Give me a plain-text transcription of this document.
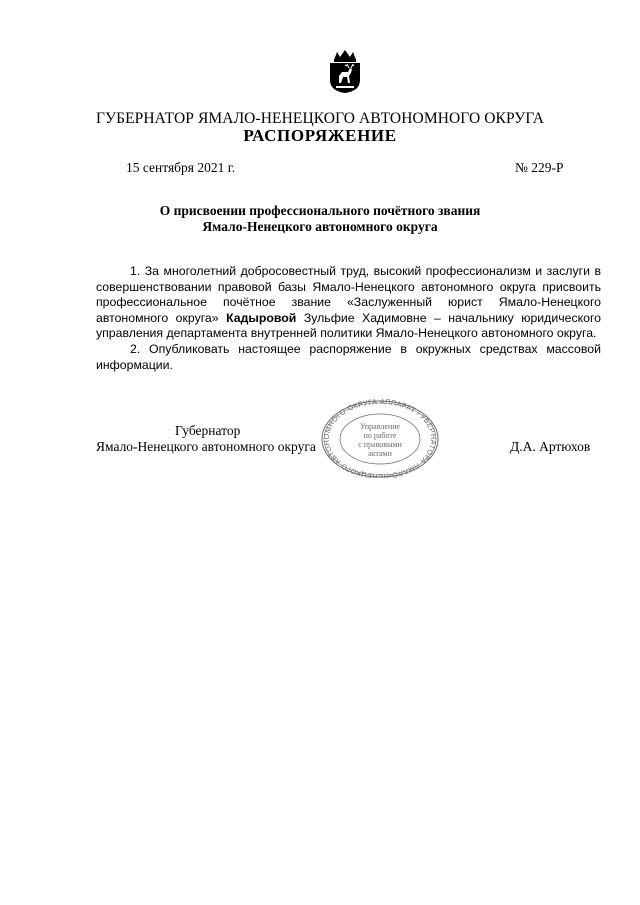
ГУБЕРНАТОР ЯМАЛО-НЕНЕЦКОГО АВТОНОМНОГО ОКРУГА
РАСПОРЯЖЕНИЕ
15 сентября 2021 г.	№ 229-Р
О присвоении профессионального почётного звания
Ямало-Ненецкого автономного округа

1. За многолетний добросовестный труд, высокий профессионализм и заслуги в совершенствовании правовой базы Ямало-Ненецкого автономного округа присвоить профессиональное почётное звание «Заслуженный юрист Ямало-Ненецкого автономного округа» Кадыровой Зульфие Хадимовне – начальнику юридического управления департамента внутренней политики Ямало-Ненецкого автономного округа.

2. Опубликовать настоящее распоряжение в окружных средствах массовой информации.

Губернатор
Ямало-Ненецкого автономного округа	Д.А. Артюхов
АППАРАТ ГУБЕРНАТОРА ЯМАЛО-НЕНЕЦКОГО АВТОНОМНОГО ОКРУГА
Управление
по работе
с правовыми
актами
